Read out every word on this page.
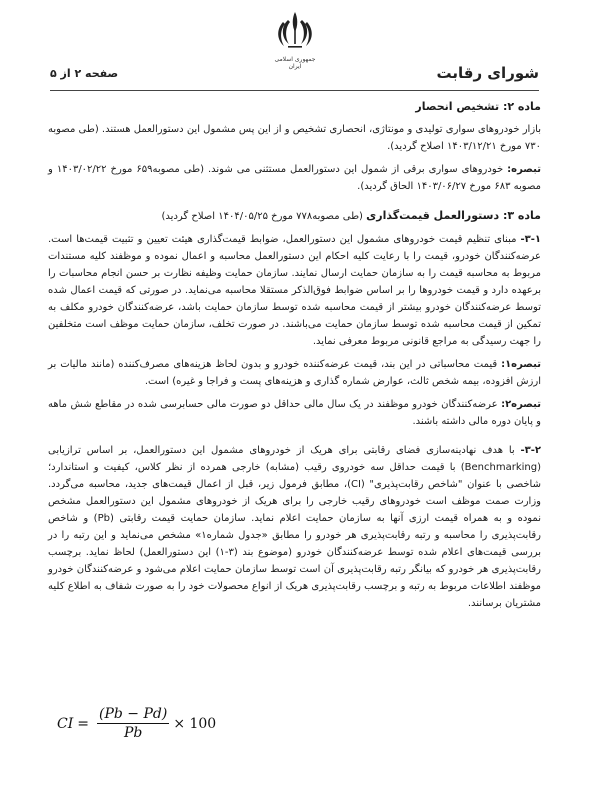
جمهوری اسلامی ایران	شورای رقابت
صفحه ۲ از ۵
ماده ۲: تشخیص انحصار

بازار خودروهای سواری تولیدی و مونتاژی، انحصاری تشخیص و از این پس مشمول این دستورالعمل هستند. (طی مصوبه ۷۳۰ مورخ ۱۴۰۳/۱۲/۲۱ اصلاح گردید).

تبصره: خودروهای سواری برقی از شمول این دستورالعمل مستثنی می شوند. (طی مصوبه۶۵۹ مورخ ۱۴۰۳/۰۲/۲۲ و مصوبه ۶۸۳ مورخ ۱۴۰۳/۰۶/۲۷ الحاق گردید).

ماده ۳: دستورالعمل قیمت‌گذاری (طی مصوبه۷۷۸ مورخ ۱۴۰۴/۰۵/۲۵ اصلاح گردید)

۳-۱- مبنای تنظیم قیمت خودروهای مشمول این دستورالعمل، ضوابط قیمت‌گذاری هیئت تعیین و تثبیت قیمت‌ها است. عرضه‌کنندگان خودرو، قیمت را با رعایت کلیه احکام این دستورالعمل محاسبه و اعمال نموده و موظفند کلیه مستندات مربوط به محاسبه قیمت را به سازمان حمایت ارسال نمایند. سازمان حمایت وظیفه نظارت بر حسن انجام محاسبات را برعهده دارد و قیمت خودروها را بر اساس ضوابط فوق‌الذکر مستقلا محاسبه می‌نماید. در صورتی که قیمت اعمال شده توسط عرضه‌کنندگان خودرو بیشتر از قیمت محاسبه شده توسط سازمان حمایت باشد، عرضه‌کنندگان خودرو مکلف به تمکین از قیمت محاسبه شده توسط سازمان حمایت می‌باشند. در صورت تخلف، سازمان حمایت موظف است متخلفین را جهت رسیدگی به مراجع قانونی مربوط معرفی نماید.

تبصره۱: قیمت محاسباتی در این بند، قیمت عرضه‌کننده خودرو و بدون لحاظ هزینه‌های مصرف‌کننده (مانند مالیات بر ارزش افزوده، بیمه شخص ثالث، عوارض شماره گذاری و هزینه‌های پست و فراجا و غیره) است.

تبصره۲: عرضه‌کنندگان خودرو موظفند در یک سال مالی حداقل دو صورت مالی حسابرسی شده در مقاطع شش ماهه و پایان دوره مالی داشته باشند.

۳-۲- با هدف نهادینه‌سازی فضای رقابتی برای هریک از خودروهای مشمول این دستورالعمل، بر اساس ترازیابی (Benchmarking) با قیمت حداقل سه خودروی رقیب (مشابه) خارجی همرده از نظر کلاس، کیفیت و استاندارد؛ شاخصی با عنوان "شاخص رقابت‌پذیری" (CI)، مطابق فرمول زیر، قبل از اعمال قیمت‌های جدید، محاسبه می‌گردد. وزارت صمت موظف است خودروهای رقیب خارجی را برای هریک از خودروهای مشمول این دستورالعمل مشخص نموده و به همراه قیمت ارزی آنها به سازمان حمایت اعلام نماید. سازمان حمایت قیمت رقابتی (Pb) و شاخص رقابت‌پذیری را محاسبه و رتبه رقابت‌پذیری هر خودرو را مطابق «جدول شماره۱» مشخص می‌نماید و این رتبه را در بررسی قیمت‌های اعلام شده توسط عرضه‌کنندگان خودرو (موضوع بند (۳-۱) این دستورالعمل) لحاظ نماید. برچسب رقابت‌پذیری هر خودرو که بیانگر رتبه رقابت‌پذیری آن است توسط سازمان حمایت اعلام می‌شود و عرضه‌کنندگان خودرو موظفند اطلاعات مربوط به رتبه و برچسب رقابت‌پذیری هریک از انواع محصولات خود را به صورت شفاف به اطلاع کلیه مشتریان برسانند.

CI = $\frac{(Pb - Pd)}{Pb} \times 100$
